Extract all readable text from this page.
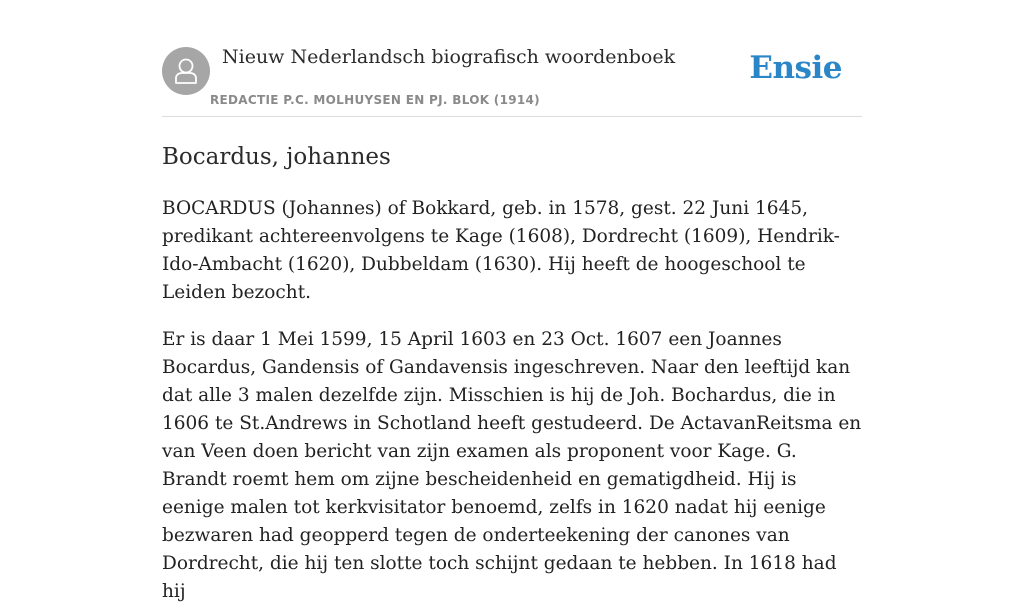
Nieuw Nederlandsch biografisch woordenboek
REDACTIE P.C. MOLHUYSEN EN PJ. BLOK (1914)
Ensie
Bocardus, johannes

BOCARDUS (Johannes) of Bokkard, geb. in 1578, gest. 22 Juni 1645, predikant achtereenvolgens te Kage (1608), Dordrecht (1609), Hendrik-Ido-Ambacht (1620), Dubbeldam (1630). Hij heeft de hoogeschool te Leiden bezocht.

Er is daar 1 Mei 1599, 15 April 1603 en 23 Oct. 1607 een Joannes Bocardus, Gandensis of Gandavensis ingeschreven. Naar den leeftijd kan dat alle 3 malen dezelfde zijn. Misschien is hij de Joh. Bochardus, die in 1606 te St.Andrews in Schotland heeft gestudeerd. De ActavanReitsma en van Veen doen bericht van zijn examen als proponent voor Kage. G. Brandt roemt hem om zijne bescheidenheid en gematigdheid. Hij is eenige malen tot kerkvisitator benoemd, zelfs in 1620 nadat hij eenige bezwaren had geopperd tegen de onderteekening der canones van Dordrecht, die hij ten slotte toch schijnt gedaan te hebben. In 1618 had hij
